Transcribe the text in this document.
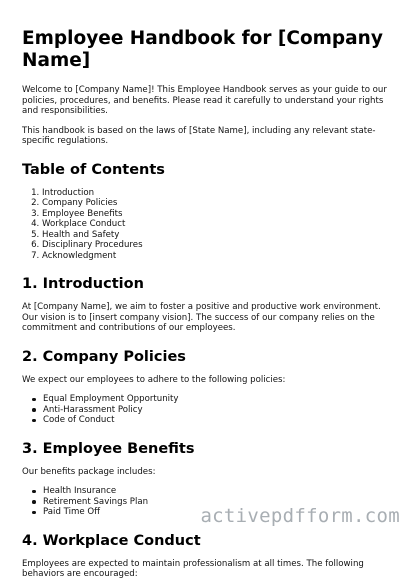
Employee Handbook for [Company Name]

Welcome to [Company Name]! This Employee Handbook serves as your guide to our policies, procedures, and benefits. Please read it carefully to understand your rights and responsibilities.

This handbook is based on the laws of [State Name], including any relevant state-specific regulations.

Table of Contents
1. Introduction
2. Company Policies
3. Employee Benefits
4. Workplace Conduct
5. Health and Safety
6. Disciplinary Procedures
7. Acknowledgment
1. Introduction

At [Company Name], we aim to foster a positive and productive work environment. Our vision is to [insert company vision]. The success of our company relies on the commitment and contributions of our employees.

2. Company Policies

We expect our employees to adhere to the following policies:

Equal Employment Opportunity
Anti-Harassment Policy
Code of Conduct
3. Employee Benefits

Our benefits package includes:

Health Insurance
Retirement Savings Plan
Paid Time Off
4. Workplace Conduct

Employees are expected to maintain professionalism at all times. The following behaviors are encouraged:

activepdfform.com
